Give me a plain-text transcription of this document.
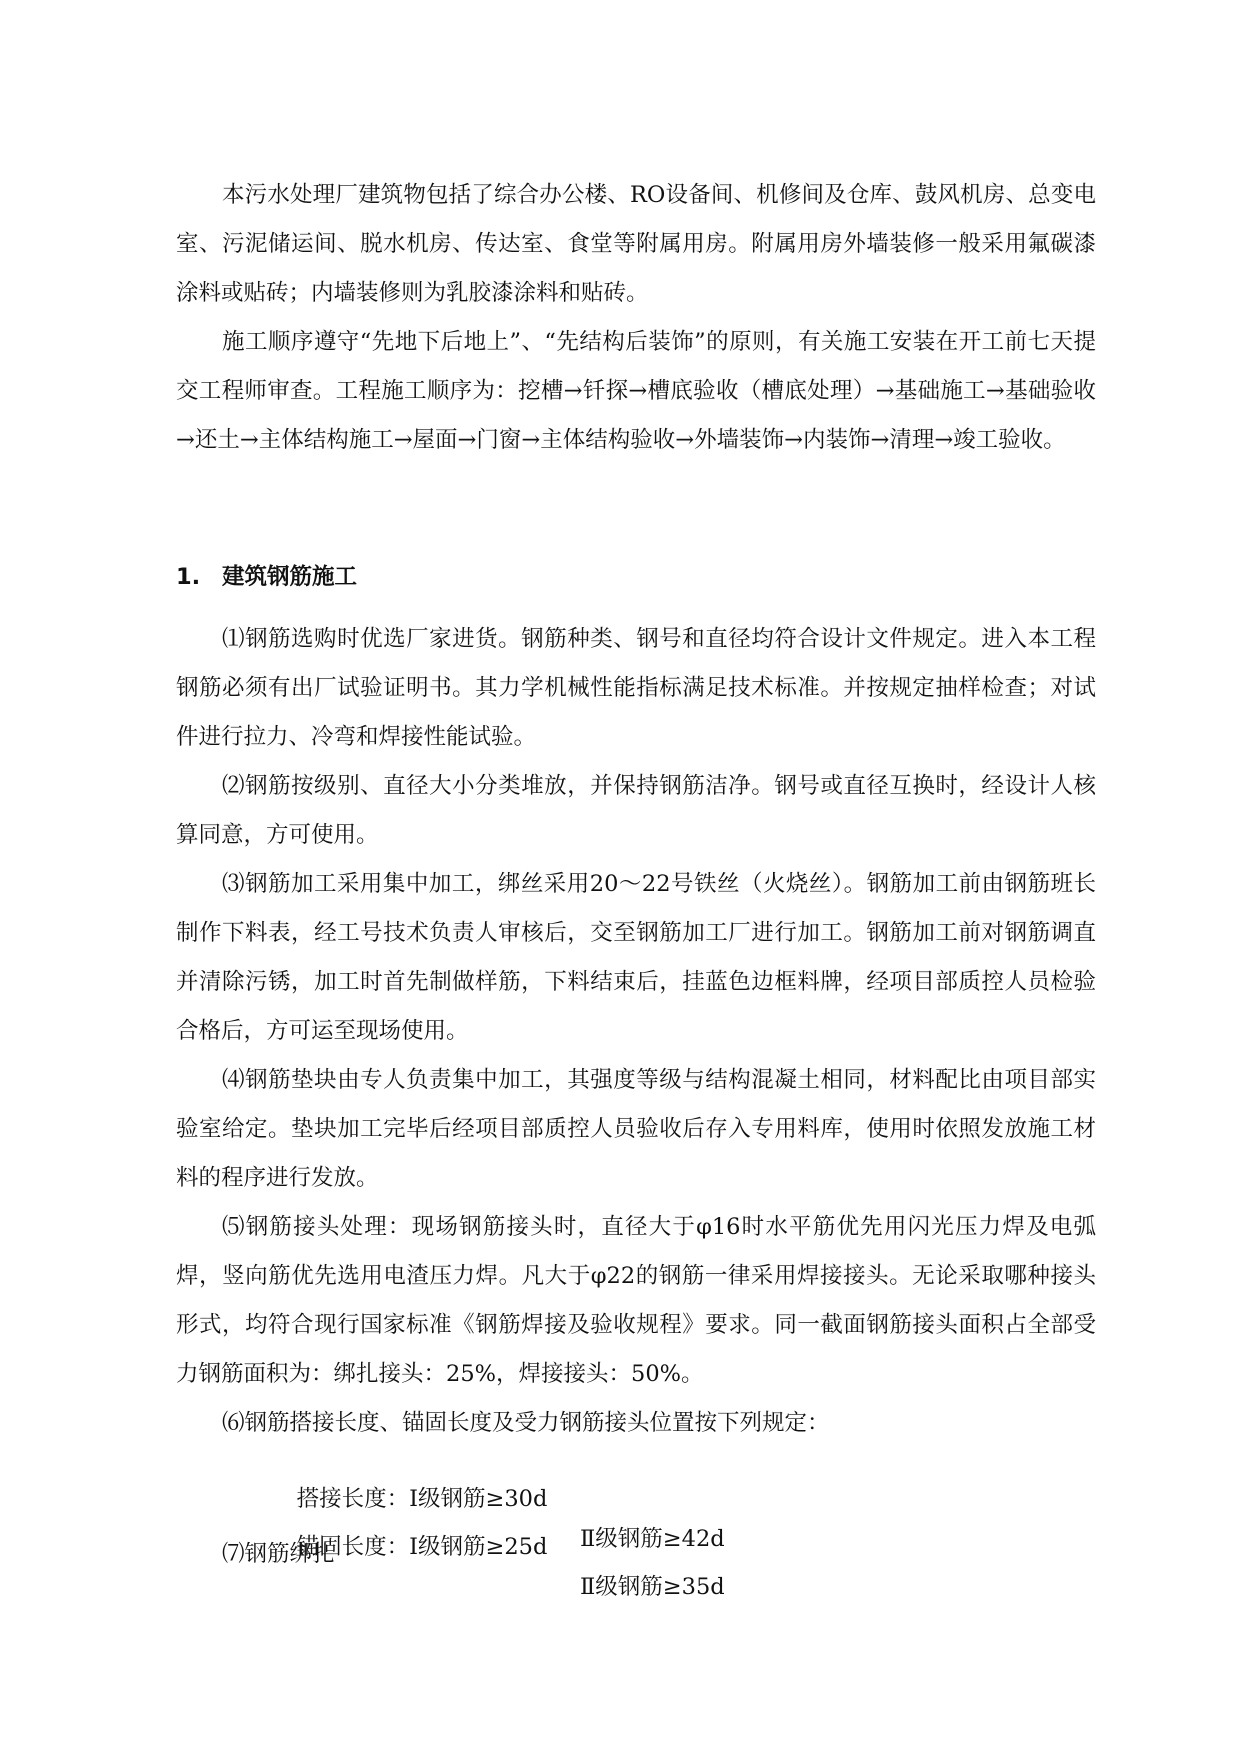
本污水处理厂建筑物包括了综合办公楼、RO设备间、机修间及仓库、鼓风机房、总变电室、污泥储运间、脱水机房、传达室、食堂等附属用房。附属用房外墙装修一般采用氟碳漆涂料或贴砖；内墙装修则为乳胶漆涂料和贴砖。

施工顺序遵守“先地下后地上”、“先结构后装饰”的原则，有关施工安装在开工前七天提交工程师审查。工程施工顺序为：挖槽→钎探→槽底验收（槽底处理）→基础施工→基础验收→还土→主体结构施工→屋面→门窗→主体结构验收→外墙装饰→内装饰→清理→竣工验收。

1. 建筑钢筋施工

⑴钢筋选购时优选厂家进货。钢筋种类、钢号和直径均符合设计文件规定。进入本工程钢筋必须有出厂试验证明书。其力学机械性能指标满足技术标准。并按规定抽样检查；对试件进行拉力、冷弯和焊接性能试验。

⑵钢筋按级别、直径大小分类堆放，并保持钢筋洁净。钢号或直径互换时，经设计人核算同意，方可使用。

⑶钢筋加工采用集中加工，绑丝采用20～22号铁丝（火烧丝）。钢筋加工前由钢筋班长制作下料表，经工号技术负责人审核后，交至钢筋加工厂进行加工。钢筋加工前对钢筋调直并清除污锈，加工时首先制做样筋，下料结束后，挂蓝色边框料牌，经项目部质控人员检验合格后，方可运至现场使用。

⑷钢筋垫块由专人负责集中加工，其强度等级与结构混凝土相同，材料配比由项目部实验室给定。垫块加工完毕后经项目部质控人员验收后存入专用料库，使用时依照发放施工材料的程序进行发放。

⑸钢筋接头处理：现场钢筋接头时，直径大于φ16时水平筋优先用闪光压力焊及电弧焊，竖向筋优先选用电渣压力焊。凡大于φ22的钢筋一律采用焊接接头。无论采取哪种接头形式，均符合现行国家标准《钢筋焊接及验收规程》要求。同一截面钢筋接头面积占全部受力钢筋面积为：绑扎接头：25%，焊接接头：50%。

⑹钢筋搭接长度、锚固长度及受力钢筋接头位置按下列规定：

搭接长度：Ⅰ级钢筋≥30d

Ⅱ级钢筋≥42d

锚固长度：Ⅰ级钢筋≥25d

Ⅱ级钢筋≥35d

⑺钢筋绑扎
